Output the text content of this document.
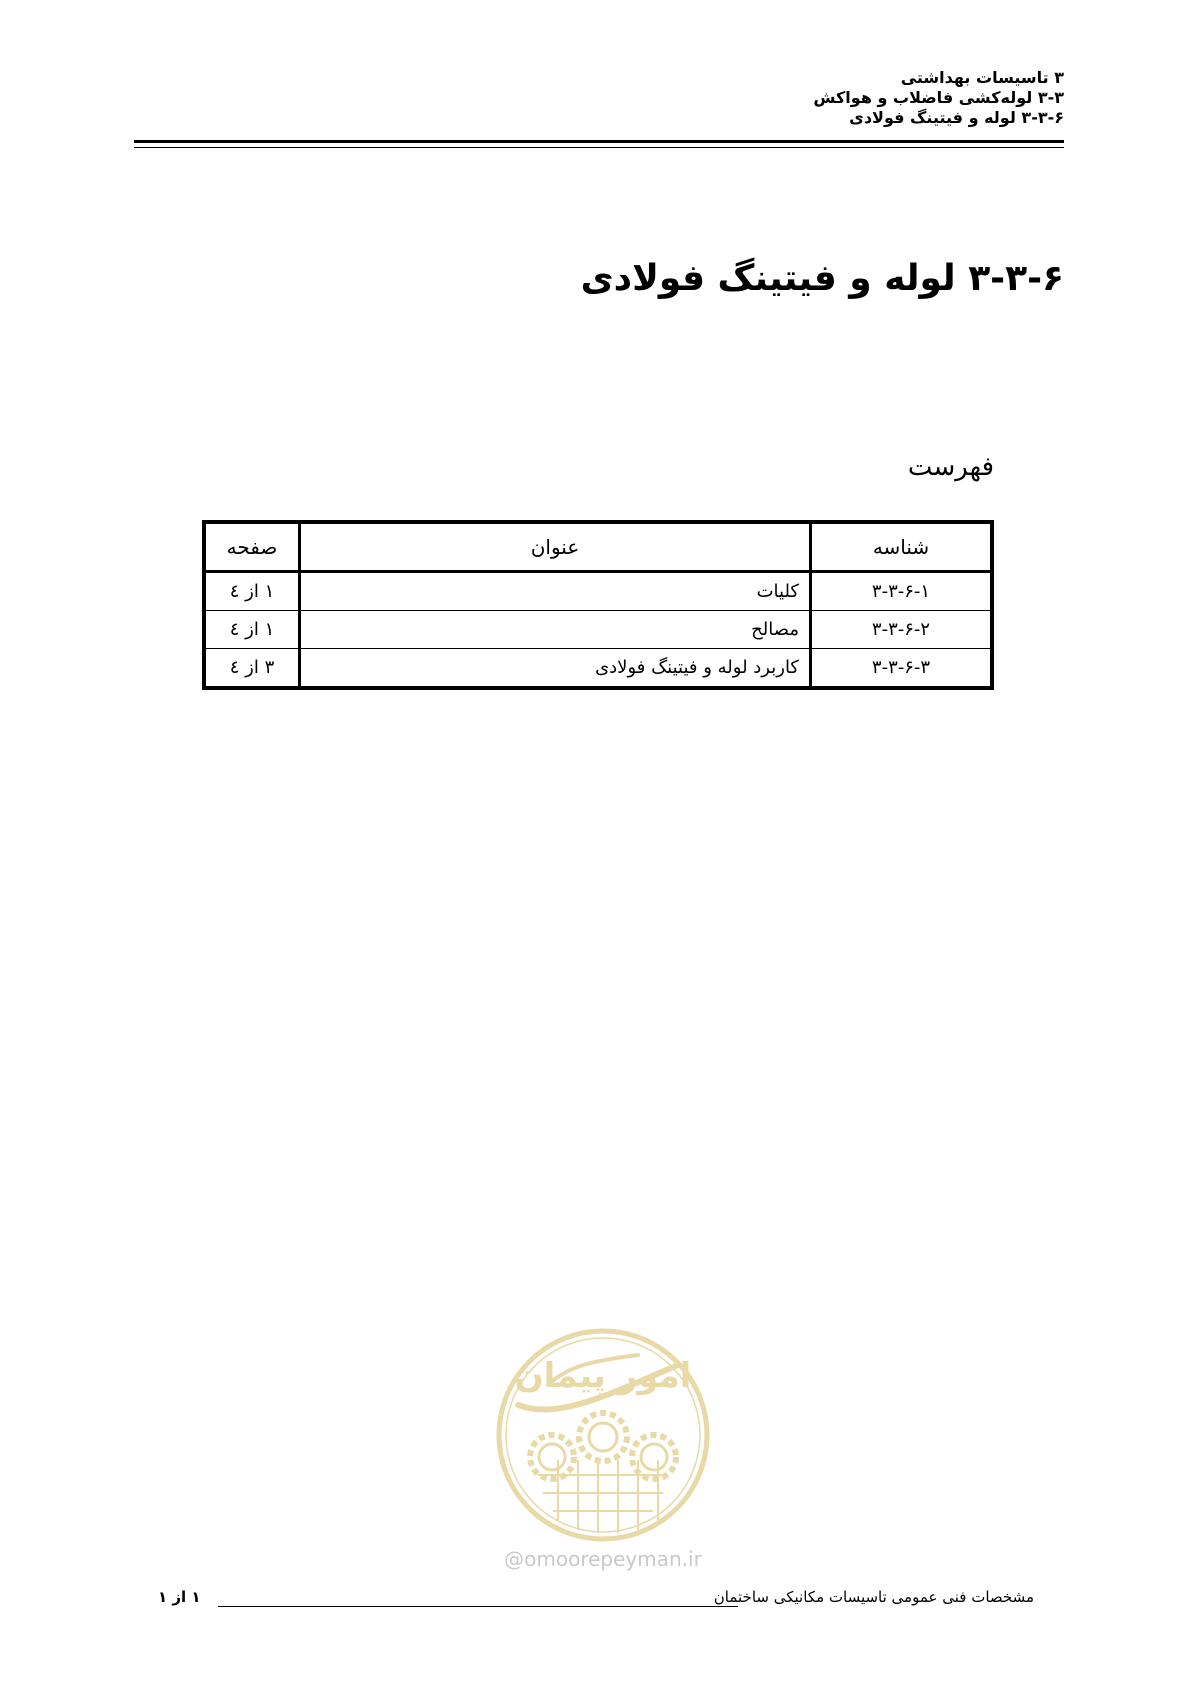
۳ تاسیسات بهداشتی
۳-۳ لوله‌کشی فاضلاب و هواکش
۳-۳-۶ لوله و فیتینگ فولادی
۳-۳-۶ لوله و فیتینگ فولادی
فهرست
شناسه	عنوان	صفحه
۳-۳-۶-۱	کلیات	۱ از ٤
۳-۳-۶-۲	مصالح	۱ از ٤
۳-۳-۶-۳	کاربرد لوله و فیتینگ فولادی	۳ از ٤
امور پیمان
@omoorepeyman.ir
مشخصات فنی عمومی تاسیسات مکانیکی ساختمان
۱ از ۱
